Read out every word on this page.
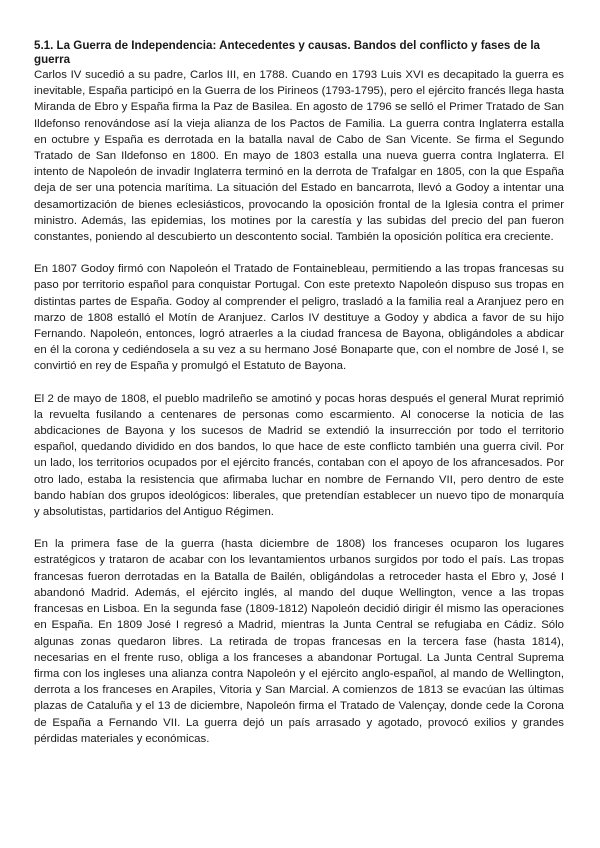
5.1. La Guerra de Independencia: Antecedentes y causas. Bandos del conflicto y fases de la guerra

Carlos IV sucedió a su padre, Carlos III, en 1788. Cuando en 1793 Luis XVI es decapitado la guerra es inevitable, España participó en la Guerra de los Pirineos (1793-1795), pero el ejército francés llega hasta Miranda de Ebro y España firma la Paz de Basilea. En agosto de 1796 se selló el Primer Tratado de San Ildefonso renovándose así la vieja alianza de los Pactos de Familia. La guerra contra Inglaterra estalla en octubre y España es derrotada en la batalla naval de Cabo de San Vicente. Se firma el Segundo Tratado de San Ildefonso en 1800. En mayo de 1803 estalla una nueva guerra contra Inglaterra. El intento de Napoleón de invadir Inglaterra terminó en la derrota de Trafalgar en 1805, con la que España deja de ser una potencia marítima. La situación del Estado en bancarrota, llevó a Godoy a intentar una desamortización de bienes eclesiásticos, provocando la oposición frontal de la Iglesia contra el primer ministro. Además, las epidemias, los motines por la carestía y las subidas del precio del pan fueron constantes, poniendo al descubierto un descontento social. También la oposición política era creciente.

En 1807 Godoy firmó con Napoleón el Tratado de Fontainebleau, permitiendo a las tropas francesas su paso por territorio español para conquistar Portugal. Con este pretexto Napoleón dispuso sus tropas en distintas partes de España. Godoy al comprender el peligro, trasladó a la familia real a Aranjuez pero en marzo de 1808 estalló el Motín de Aranjuez. Carlos IV destituye a Godoy y abdica a favor de su hijo Fernando. Napoleón, entonces, logró atraerles a la ciudad francesa de Bayona, obligándoles a abdicar en él la corona y cediéndosela a su vez a su hermano José Bonaparte que, con el nombre de José I, se convirtió en rey de España y promulgó el Estatuto de Bayona.

El 2 de mayo de 1808, el pueblo madrileño se amotinó y pocas horas después el general Murat reprimió la revuelta fusilando a centenares de personas como escarmiento. Al conocerse la noticia de las abdicaciones de Bayona y los sucesos de Madrid se extendió la insurrección por todo el territorio español, quedando dividido en dos bandos, lo que hace de este conflicto también una guerra civil. Por un lado, los territorios ocupados por el ejército francés, contaban con el apoyo de los afrancesados. Por otro lado, estaba la resistencia que afirmaba luchar en nombre de Fernando VII, pero dentro de este bando habían dos grupos ideológicos: liberales, que pretendían establecer un nuevo tipo de monarquía y absolutistas, partidarios del Antiguo Régimen.

En la primera fase de la guerra (hasta diciembre de 1808) los franceses ocuparon los lugares estratégicos y trataron de acabar con los levantamientos urbanos surgidos por todo el país. Las tropas francesas fueron derrotadas en la Batalla de Bailén, obligándolas a retroceder hasta el Ebro y, José I abandonó Madrid. Además, el ejército inglés, al mando del duque Wellington, vence a las tropas francesas en Lisboa. En la segunda fase (1809-1812) Napoleón decidió dirigir él mismo las operaciones en España. En 1809 José I regresó a Madrid, mientras la Junta Central se refugiaba en Cádiz. Sólo algunas zonas quedaron libres. La retirada de tropas francesas en la tercera fase (hasta 1814), necesarias en el frente ruso, obliga a los franceses a abandonar Portugal. La Junta Central Suprema firma con los ingleses una alianza contra Napoleón y el ejército anglo-español, al mando de Wellington, derrota a los franceses en Arapiles, Vitoria y San Marcial. A comienzos de 1813 se evacúan las últimas plazas de Cataluña y el 13 de diciembre, Napoleón firma el Tratado de Valençay, donde cede la Corona de España a Fernando VII. La guerra dejó un país arrasado y agotado, provocó exilios y grandes pérdidas materiales y económicas.
